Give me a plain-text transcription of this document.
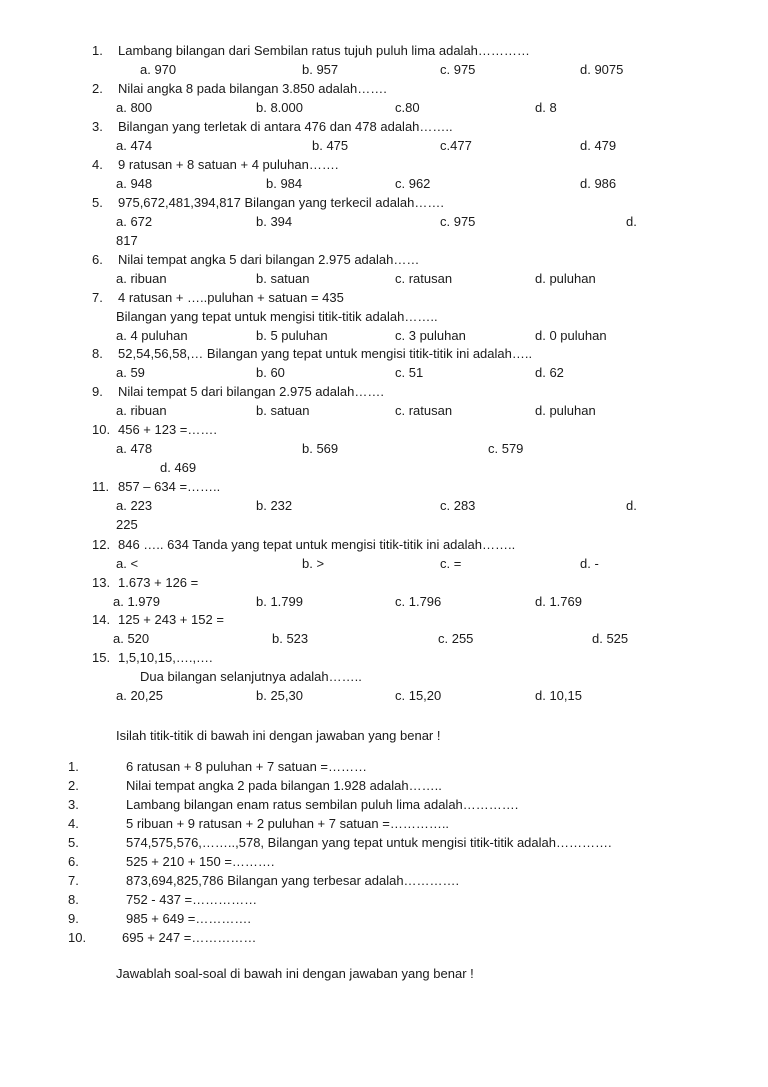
1. Lambang bilangan dari Sembilan ratus tujuh puluh lima adalah…………
a. 970	b. 957	c. 975	d. 9075
2. Nilai angka 8 pada bilangan 3.850 adalah…….
a. 800	b. 8.000	c.80	d. 8
3. Bilangan yang terletak di antara 476 dan 478 adalah……..
a. 474	b. 475	c.477	d. 479
4. 9 ratusan + 8 satuan + 4 puluhan…….
a. 948	b. 984	c. 962	d. 986
5. 975,672,481,394,817 Bilangan yang terkecil adalah…….
a. 672	b. 394	c. 975	d.
817
6. Nilai tempat angka 5 dari bilangan 2.975 adalah……
a. ribuan	b. satuan	c. ratusan	d. puluhan
7. 4 ratusan + …..puluhan + satuan = 435
Bilangan yang tepat untuk mengisi titik-titik adalah……..
a. 4 puluhan	b. 5 puluhan	c. 3 puluhan	d. 0 puluhan
8. 52,54,56,58,… Bilangan yang tepat untuk mengisi titik-titik ini adalah…..
a. 59	b. 60	c. 51	d. 62
9. Nilai tempat 5 dari bilangan 2.975 adalah…….
a. ribuan	b. satuan	c. ratusan	d. puluhan
10. 456 + 123 =…….
a. 478	b. 569	c. 579
d. 469
11. 857 – 634 =……..
a. 223	b. 232	c. 283	d.
225
12. 846 ….. 634 Tanda yang tepat untuk mengisi titik-titik ini adalah……..
a. <	b. >	c. =	d. -
13. 1.673 + 126 =
a. 1.979	b. 1.799	c. 1.796	d. 1.769
14. 125 + 243 + 152 =
a. 520	b. 523	c. 255	d. 525
15. 1,5,10,15,….,….
Dua bilangan selanjutnya adalah……..
a. 20,25	b. 25,30	c. 15,20	d. 10,15
Isilah titik-titik di bawah ini dengan jawaban yang benar !
1.	6 ratusan + 8 puluhan + 7 satuan =………
2.	Nilai tempat angka 2 pada bilangan 1.928 adalah……..
3.	Lambang bilangan enam ratus sembilan puluh lima adalah………….
4.	5 ribuan + 9 ratusan + 2 puluhan + 7 satuan =…………..
5.	574,575,576,……..,578, Bilangan yang tepat untuk mengisi titik-titik adalah………….
6.	525 + 210 + 150 =……….
7.	873,694,825,786 Bilangan yang terbesar adalah………….
8.	752 - 437 =……………
9.	985 + 649 =………….
10.	695 + 247 =……………
Jawablah soal-soal di bawah ini dengan jawaban yang benar !
